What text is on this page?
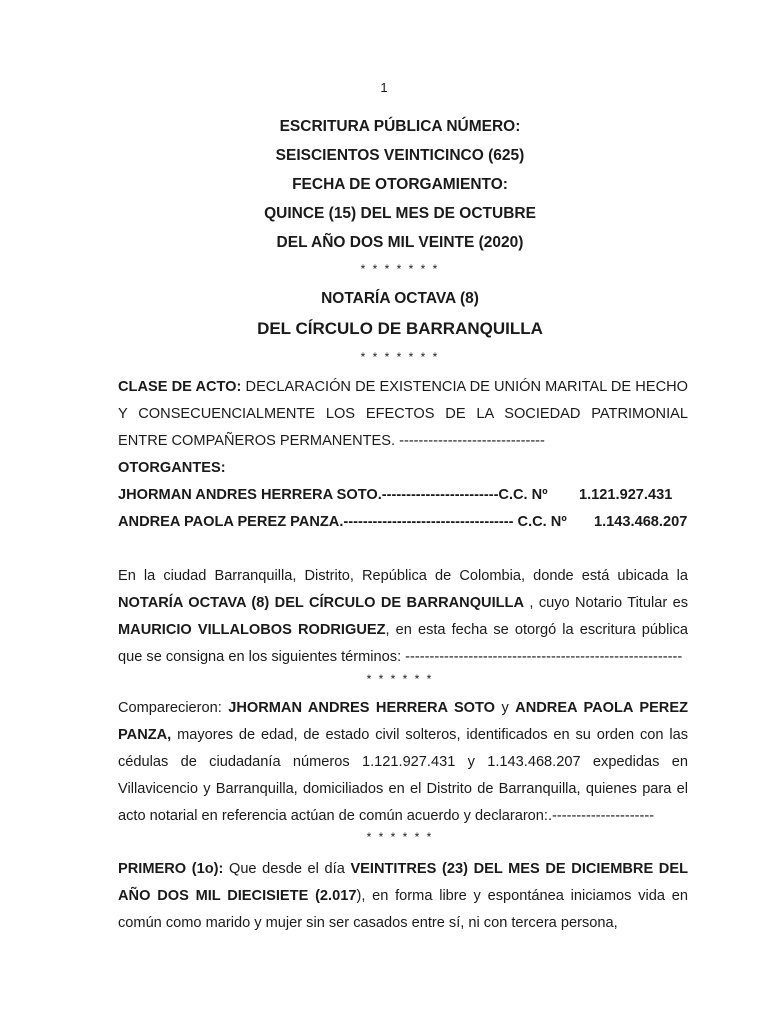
1
ESCRITURA PÚBLICA NÚMERO:
SEISCIENTOS VEINTICINCO (625)
FECHA DE OTORGAMIENTO:
QUINCE (15) DEL MES DE OCTUBRE
DEL AÑO DOS MIL VEINTE (2020)
* * * * * * *
NOTARÍA OCTAVA (8)
DEL CÍRCULO DE BARRANQUILLA
* * * * * * *
CLASE DE ACTO: DECLARACIÓN DE EXISTENCIA DE UNIÓN MARITAL DE HECHO Y CONSECUENCIALMENTE LOS EFECTOS DE LA SOCIEDAD PATRIMONIAL ENTRE COMPAÑEROS PERMANENTES. ------------------------------
OTORGANTES:
JHORMAN ANDRES HERRERA SOTO.------------------------C.C. Nº 1.121.927.431
ANDREA PAOLA PEREZ PANZA.----------------------------------- C.C. Nº 1.143.468.207
En la ciudad Barranquilla, Distrito, República de Colombia, donde está ubicada la NOTARÍA OCTAVA (8) DEL CÍRCULO DE BARRANQUILLA , cuyo Notario Titular es MAURICIO VILLALOBOS RODRIGUEZ, en esta fecha se otorgó la escritura pública que se consigna en los siguientes términos: ---------------------------------------------------------
* * * * * *
Comparecieron: JHORMAN ANDRES HERRERA SOTO y ANDREA PAOLA PEREZ PANZA, mayores de edad, de estado civil solteros, identificados en su orden con las cédulas de ciudadanía números 1.121.927.431 y 1.143.468.207 expedidas en Villavicencio y Barranquilla, domiciliados en el Distrito de Barranquilla, quienes para el acto notarial en referencia actúan de común acuerdo y declararon:.---------------------
* * * * * *
PRIMERO (1o): Que desde el día VEINTITRES (23) DEL MES DE DICIEMBRE DEL AÑO DOS MIL DIECISIETE (2.017), en forma libre y espontánea iniciamos vida en común como marido y mujer sin ser casados entre sí, ni con tercera persona,
